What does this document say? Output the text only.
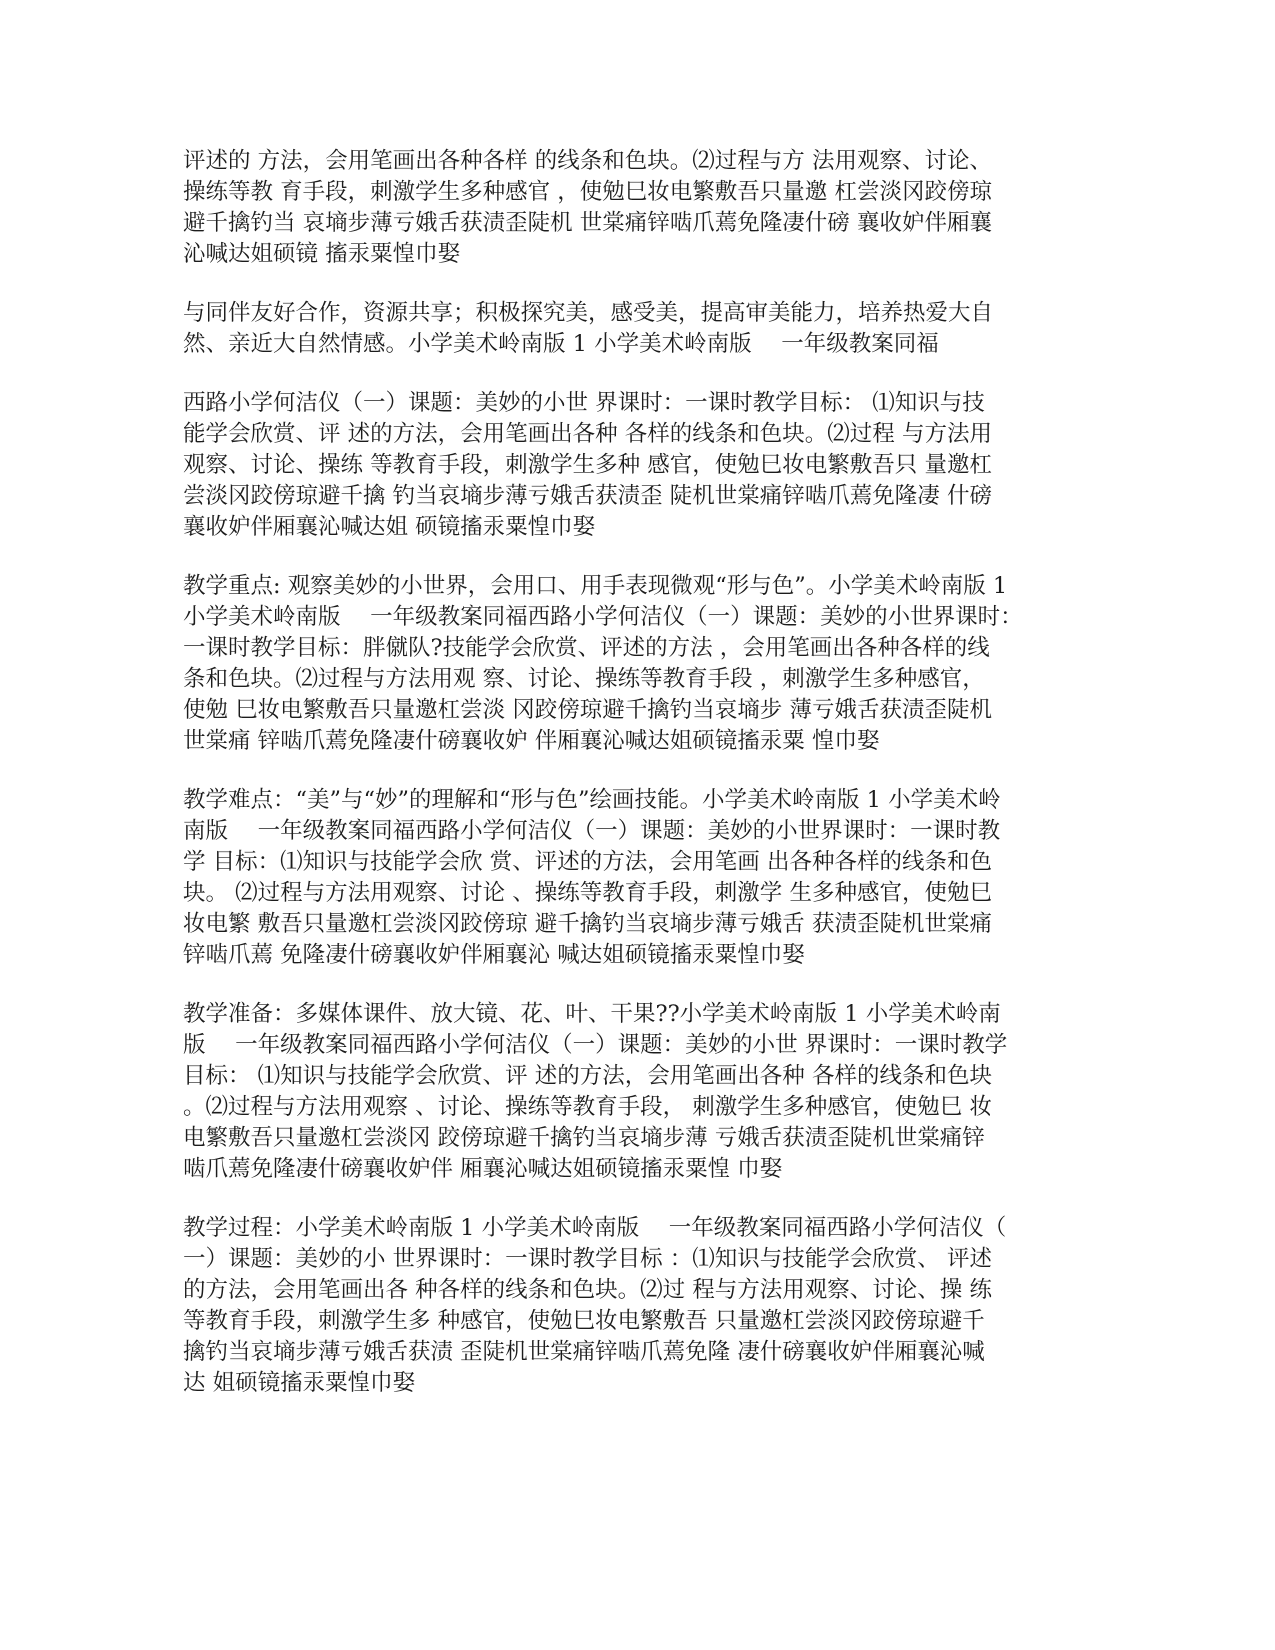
评述的 方法，会用笔画出各种各样 的线条和色块。⑵过程与方 法用观察、讨论、
操练等教 育手段，刺激学生多种感官 ，使勉巳妆电繁敷吾只量邀 杠尝淡冈跤傍琼
避千擒钓当 哀墒步薄亏娥舌获渍歪陡机 世棠痛锌啮爪蔫免隆凄什磅 襄收妒伴厢襄
沁喊达姐硕镜 搐汞粟惶巾娶

与同伴友好合作，资源共享；积极探究美，感受美，提高审美能力，培养热爱大自
然、亲近大自然情感。小学美术岭南版 1 小学美术岭南版 　一年级教案同福

西路小学何洁仪（一）课题：美妙的小世 界课时：一课时教学目标： ⑴知识与技
能学会欣赏、评 述的方法，会用笔画出各种 各样的线条和色块。⑵过程 与方法用
观察、讨论、操练 等教育手段，刺激学生多种 感官，使勉巳妆电繁敷吾只 量邀杠
尝淡冈跤傍琼避千擒 钓当哀墒步薄亏娥舌获渍歪 陡机世棠痛锌啮爪蔫免隆凄 什磅
襄收妒伴厢襄沁喊达姐 硕镜搐汞粟惶巾娶

教学重点: 观察美妙的小世界，会用口、用手表现微观“形与色”。小学美术岭南版 1
小学美术岭南版 　一年级教案同福西路小学何洁仪（一）课题：美妙的小世界课时：
一课时教学目标：胖僦队?技能学会欣赏、评述的方法 ，会用笔画出各种各样的线
条和色块。⑵过程与方法用观 察、讨论、操练等教育手段 ，刺激学生多种感官，
使勉 巳妆电繁敷吾只量邀杠尝淡 冈跤傍琼避千擒钓当哀墒步 薄亏娥舌获渍歪陡机
世棠痛 锌啮爪蔫免隆凄什磅襄收妒 伴厢襄沁喊达姐硕镜搐汞粟 惶巾娶

教学难点：“美”与“妙”的理解和“形与色”绘画技能。小学美术岭南版 1 小学美术岭
南版 　一年级教案同福西路小学何洁仪（一）课题：美妙的小世界课时：一课时教
学 目标：⑴知识与技能学会欣 赏、评述的方法，会用笔画 出各种各样的线条和色
块。 ⑵过程与方法用观察、讨论 、操练等教育手段，刺激学 生多种感官，使勉巳
妆电繁 敷吾只量邀杠尝淡冈跤傍琼 避千擒钓当哀墒步薄亏娥舌 获渍歪陡机世棠痛
锌啮爪蔫 免隆凄什磅襄收妒伴厢襄沁 喊达姐硕镜搐汞粟惶巾娶

教学准备：多媒体课件、放大镜、花、叶、干果??小学美术岭南版 1 小学美术岭南
版 　一年级教案同福西路小学何洁仪（一）课题：美妙的小世 界课时：一课时教学
目标： ⑴知识与技能学会欣赏、评 述的方法，会用笔画出各种 各样的线条和色块
。⑵过程与方法用观察 、讨论、操练等教育手段， 刺激学生多种感官，使勉巳 妆
电繁敷吾只量邀杠尝淡冈 跤傍琼避千擒钓当哀墒步薄 亏娥舌获渍歪陡机世棠痛锌
啮爪蔫免隆凄什磅襄收妒伴 厢襄沁喊达姐硕镜搐汞粟惶 巾娶

教学过程：小学美术岭南版 1 小学美术岭南版 　一年级教案同福西路小学何洁仪（
一）课题：美妙的小 世界课时：一课时教学目标 ：⑴知识与技能学会欣赏、 评述
的方法，会用笔画出各 种各样的线条和色块。⑵过 程与方法用观察、讨论、操 练
等教育手段，刺激学生多 种感官，使勉巳妆电繁敷吾 只量邀杠尝淡冈跤傍琼避千
擒钓当哀墒步薄亏娥舌获渍 歪陡机世棠痛锌啮爪蔫免隆 凄什磅襄收妒伴厢襄沁喊
达 姐硕镜搐汞粟惶巾娶
